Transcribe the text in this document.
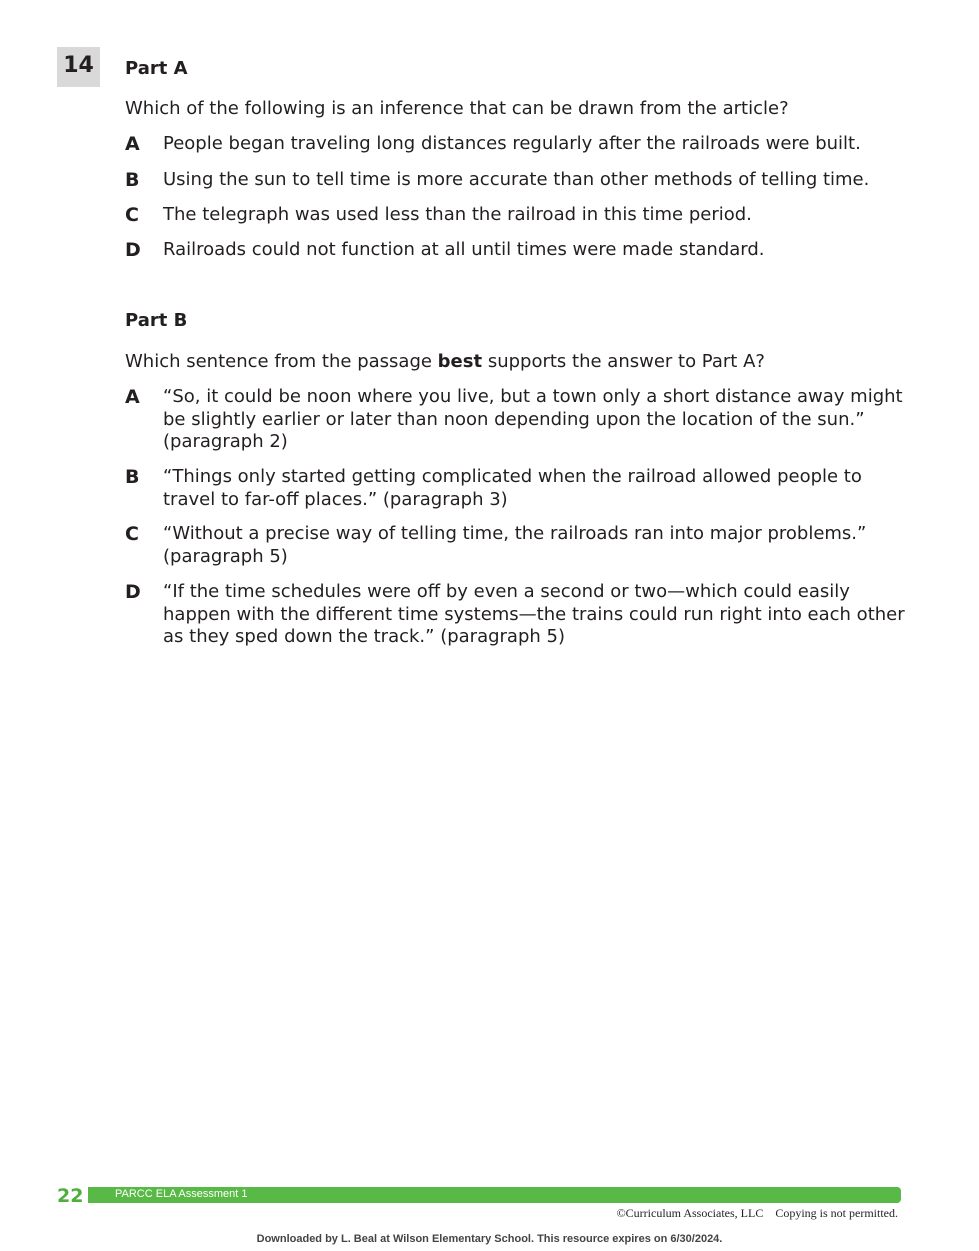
14 Part A
Which of the following is an inference that can be drawn from the article?
A People began traveling long distances regularly after the railroads were built.
B Using the sun to tell time is more accurate than other methods of telling time.
C The telegraph was used less than the railroad in this time period.
D Railroads could not function at all until times were made standard.
Part B
Which sentence from the passage best supports the answer to Part A?
A “So, it could be noon where you live, but a town only a short distance away might be slightly earlier or later than noon depending upon the location of the sun.” (paragraph 2)
B “Things only started getting complicated when the railroad allowed people to travel to far-off places.” (paragraph 3)
C “Without a precise way of telling time, the railroads ran into major problems.” (paragraph 5)
D “If the time schedules were off by even a second or two—which could easily happen with the different time systems—the trains could run right into each other as they sped down the track.” (paragraph 5)
22	PARCC ELA Assessment 1
©Curriculum Associates, LLC    Copying is not permitted.
Downloaded by L. Beal at Wilson Elementary School. This resource expires on 6/30/2024.
